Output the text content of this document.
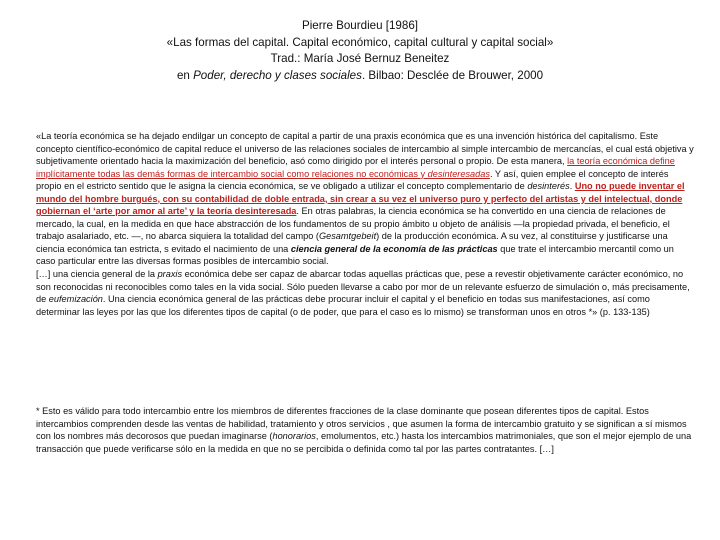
Pierre Bourdieu [1986]
«Las formas del capital. Capital económico, capital cultural y capital social»
Trad.: María José Bernuz Beneitez
en Poder, derecho y clases sociales. Bilbao: Desclée de Brouwer, 2000

«La teoría económica se ha dejado endilgar un concepto de capital a partir de una praxis económica que es una invención histórica del capitalismo. Este concepto científico-económico de capital reduce el universo de las relaciones sociales de intercambio al simple intercambio de mercancías, el cual está objetiva y subjetivamente orientado hacia la maximización del beneficio, asó como dirigido por el interés personal o propio. De esta manera, la teoría económica define implícitamente todas las demás formas de intercambio social como relaciones no económicas y desinteresadas. Y así, quien emplee el concepto de interés propio en el estricto sentido que le asigna la ciencia económica, se ve obligado a utilizar el concepto complementario de desinterés. Uno no puede inventar el mundo del hombre burgués, con su contabilidad de doble entrada, sin crear a su vez el universo puro y perfecto del artistas y del intelectual, donde gobiernan el ‘arte por amor al arte’ y la teoría desinteresada. En otras palabras, la ciencia económica se ha convertido en una ciencia de relaciones de mercado, la cual, en la medida en que hace abstracción de los fundamentos de su propio ámbito u objeto de análisis —la propiedad privada, el beneficio, el trabajo asalariado, etc. —, no abarca siquiera la totalidad del campo (Gesamtgebeit) de la producción económica. A su vez, al constituirse y justificarse una ciencia económica tan estricta, s evitado el nacimiento de una ciencia general de la economía de las prácticas que trate el intercambio mercantil como un caso particular entre las diversas formas posibles de intercambio social.

[…] una ciencia general de la praxis económica debe ser capaz de abarcar todas aquellas prácticas que, pese a revestir objetivamente carácter económico, no son reconocidas ni reconocibles como tales en la vida social. Sólo pueden llevarse a cabo por mor de un relevante esfuerzo de simulación o, más precisamente, de eufemización. Una ciencia económica general de las prácticas debe procurar incluir el capital y el beneficio en todas sus manifestaciones, así como determinar las leyes por las que los diferentes tipos de capital (o de poder, que para el caso es lo mismo) se transforman unos en otros *» (p. 133-135)

* Esto es válido para todo intercambio entre los miembros de diferentes fracciones de la clase dominante que posean diferentes tipos de capital. Estos intercambios comprenden desde las ventas de habilidad, tratamiento y otros servicios , que asumen la forma de intercambio gratuito y se significan a sí mismos con los nombres más decorosos que puedan imaginarse (honorarios, emolumentos, etc.) hasta los intercambios matrimoniales, que son el mejor ejemplo de una transacción que puede verificarse sólo en la medida en que no se percibida o definida como tal por las partes contratantes. […]
